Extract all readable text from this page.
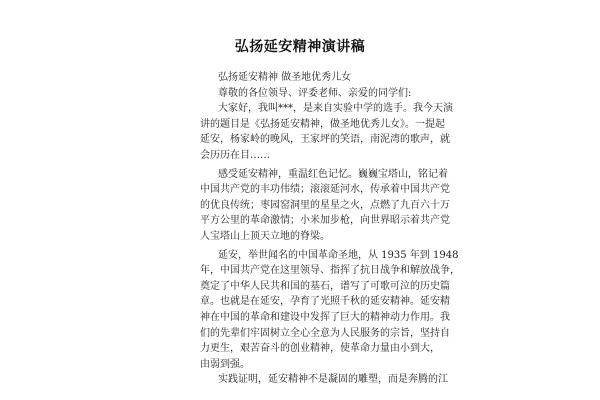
弘扬延安精神演讲稿
弘扬延安精神 做圣地优秀儿女
尊敬的各位领导、评委老师、亲爱的同学们:
大家好，我叫***，是来自实验中学的选手。我今天演
讲的题目是《弘扬延安精神，做圣地优秀儿女》。一提起
延安，杨家岭的晚风，王家坪的笑语，南泥湾的歌声，就
会历历在目……
感受延安精神，重温红色记忆。巍巍宝塔山，铭记着
中国共产党的丰功伟绩；滚滚延河水，传承着中国共产党
的优良传统；枣园窑洞里的星星之火，点燃了九百六十万
平方公里的革命激情；小米加步枪，向世界昭示着共产党
人宝塔山上顶天立地的脊梁。
延安，举世闻名的中国革命圣地，从 1935 年到 1948
年，中国共产党在这里领导、指挥了抗日战争和解放战争，
奠定了中华人民共和国的基石，谱写了可歌可泣的历史篇
章。也就是在延安，孕育了光照千秋的延安精神。延安精
神在中国的革命和建设中发挥了巨大的精神动力作用。我
们的先辈们牢固树立全心全意为人民服务的宗旨，坚持自
力更生，艰苦奋斗的创业精神，使革命力量由小到大，
由弱到强。
实践证明，延安精神不是凝固的雕塑，而是奔腾的江
